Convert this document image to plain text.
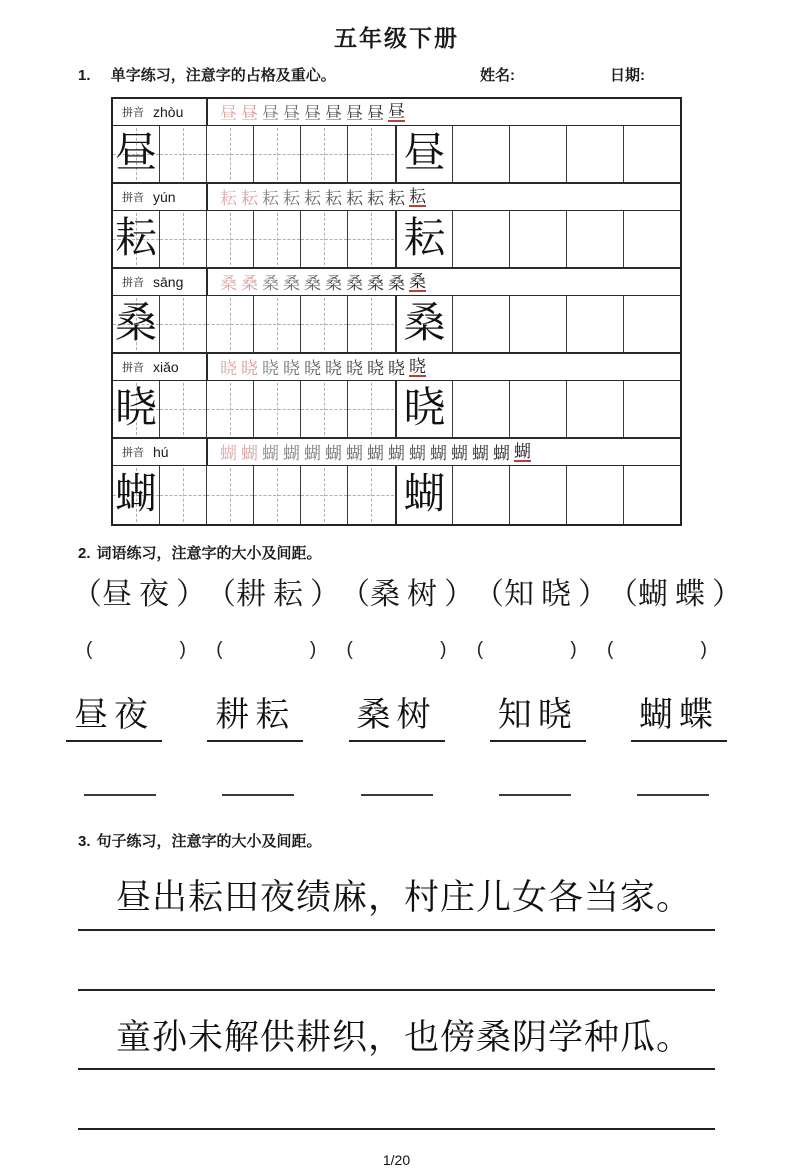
五年级下册
1. 单字练习，注意字的占格及重心。	姓名:	日期:
拼音 zhòu 昼 昼 昼 昼 昼 昼 昼 昼 昼
昼	昼
拼音 yún	耘 耘 耘 耘 耘 耘 耘 耘 耘 耘
耘	耘
拼音 sāng 桑 桑 桑 桑 桑 桑 桑 桑 桑 桑
桑	桑
拼音 xiǎo 晓 晓 晓 晓 晓 晓 晓 晓 晓 晓
晓	晓
拼音 hú	蝴 蝴 蝴 蝴 蝴 蝴 蝴 蝴 蝴 蝴 蝴 蝴 蝴 蝴 蝴
蝴	蝴
2. 词语练习，注意字的大小及间距。
（ 昼夜 ）	（ 耕耘 ）	（ 桑树 ）	（ 知晓 ）	（ 蝴蝶 ）
( )
( )
( )
( )
( )
昼夜 耕耘 桑树 知晓 蝴蝶
3. 句子练习，注意字的大小及间距。
昼出耘田夜绩麻，村庄儿女各当家。
童孙未解供耕织，也傍桑阴学种瓜。
1/20
